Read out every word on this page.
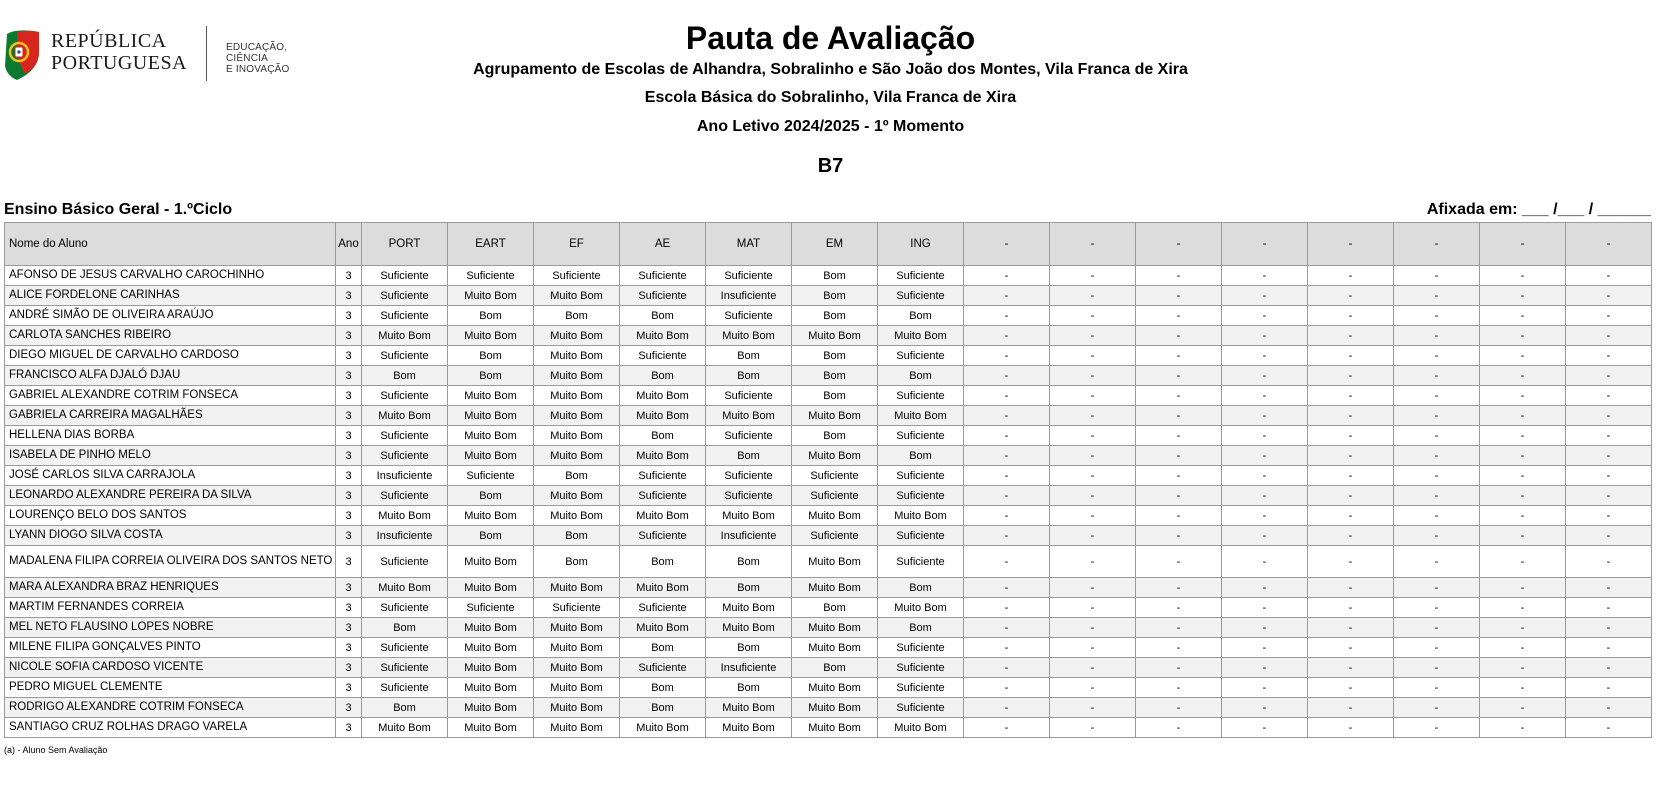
REPÚBLICA
PORTUGUESA
EDUCAÇÃO, CIÊNCIA
E INOVAÇÃO
Pauta de Avaliação
Agrupamento de Escolas de Alhandra, Sobralinho e São João dos Montes, Vila Franca de Xira
Escola Básica do Sobralinho, Vila Franca de Xira
Ano Letivo 2024/2025 - 1º Momento
B7
Ensino Básico Geral - 1.ºCiclo	Afixada em: ___ /___ / ______
Nome do Aluno	Ano	PORT	EART	EF	AE	MAT	EM	ING	-	-	-	-	-	-	-	-
AFONSO DE JESUS CARVALHO CAROCHINHO	3	Suficiente	Suficiente	Suficiente	Suficiente	Suficiente	Bom	Suficiente	-	-	-	-	-	-	-	-
ALICE FORDELONE CARINHAS	3	Suficiente	Muito Bom	Muito Bom	Suficiente	Insuficiente	Bom	Suficiente	-	-	-	-	-	-	-	-
ANDRÉ SIMÃO DE OLIVEIRA ARAÚJO	3	Suficiente	Bom	Bom	Bom	Suficiente	Bom	Bom	-	-	-	-	-	-	-	-
CARLOTA SANCHES RIBEIRO	3	Muito Bom	Muito Bom	Muito Bom	Muito Bom	Muito Bom	Muito Bom	Muito Bom	-	-	-	-	-	-	-	-
DIEGO MIGUEL DE CARVALHO CARDOSO	3	Suficiente	Bom	Muito Bom	Suficiente	Bom	Bom	Suficiente	-	-	-	-	-	-	-	-
FRANCISCO ALFA DJALÓ DJAU	3	Bom	Bom	Muito Bom	Bom	Bom	Bom	Bom	-	-	-	-	-	-	-	-
GABRIEL ALEXANDRE COTRIM FONSECA	3	Suficiente	Muito Bom	Muito Bom	Muito Bom	Suficiente	Bom	Suficiente	-	-	-	-	-	-	-	-
GABRIELA CARREIRA MAGALHÃES	3	Muito Bom	Muito Bom	Muito Bom	Muito Bom	Muito Bom	Muito Bom	Muito Bom	-	-	-	-	-	-	-	-
HELLENA DIAS BORBA	3	Suficiente	Muito Bom	Muito Bom	Bom	Suficiente	Bom	Suficiente	-	-	-	-	-	-	-	-
ISABELA DE PINHO MELO	3	Suficiente	Muito Bom	Muito Bom	Muito Bom	Bom	Muito Bom	Bom	-	-	-	-	-	-	-	-
JOSÉ CARLOS SILVA CARRAJOLA	3	Insuficiente	Suficiente	Bom	Suficiente	Suficiente	Suficiente	Suficiente	-	-	-	-	-	-	-	-
LEONARDO ALEXANDRE PEREIRA DA SILVA	3	Suficiente	Bom	Muito Bom	Suficiente	Suficiente	Suficiente	Suficiente	-	-	-	-	-	-	-	-
LOURENÇO BELO DOS SANTOS	3	Muito Bom	Muito Bom	Muito Bom	Muito Bom	Muito Bom	Muito Bom	Muito Bom	-	-	-	-	-	-	-	-
LYANN DIOGO SILVA COSTA	3	Insuficiente	Bom	Bom	Suficiente	Insuficiente	Suficiente	Suficiente	-	-	-	-	-	-	-	-
MADALENA FILIPA CORREIA OLIVEIRA DOS SANTOS NETO	3	Suficiente	Muito Bom	Bom	Bom	Bom	Muito Bom	Suficiente	-	-	-	-	-	-	-	-
MARA ALEXANDRA BRAZ HENRIQUES	3	Muito Bom	Muito Bom	Muito Bom	Muito Bom	Bom	Muito Bom	Bom	-	-	-	-	-	-	-	-
MARTIM FERNANDES CORREIA	3	Suficiente	Suficiente	Suficiente	Suficiente	Muito Bom	Bom	Muito Bom	-	-	-	-	-	-	-	-
MEL NETO FLAUSINO LOPES NOBRE	3	Bom	Muito Bom	Muito Bom	Muito Bom	Muito Bom	Muito Bom	Bom	-	-	-	-	-	-	-	-
MILENE FILIPA GONÇALVES PINTO	3	Suficiente	Muito Bom	Muito Bom	Bom	Bom	Muito Bom	Suficiente	-	-	-	-	-	-	-	-
NICOLE SOFIA CARDOSO VICENTE	3	Suficiente	Muito Bom	Muito Bom	Suficiente	Insuficiente	Bom	Suficiente	-	-	-	-	-	-	-	-
PEDRO MIGUEL CLEMENTE	3	Suficiente	Muito Bom	Muito Bom	Bom	Bom	Muito Bom	Suficiente	-	-	-	-	-	-	-	-
RODRIGO ALEXANDRE COTRIM FONSECA	3	Bom	Muito Bom	Muito Bom	Bom	Muito Bom	Muito Bom	Suficiente	-	-	-	-	-	-	-	-
SANTIAGO CRUZ ROLHAS DRAGO VARELA	3	Muito Bom	Muito Bom	Muito Bom	Muito Bom	Muito Bom	Muito Bom	Muito Bom	-	-	-	-	-	-	-	-
(a) - Aluno Sem Avaliação
